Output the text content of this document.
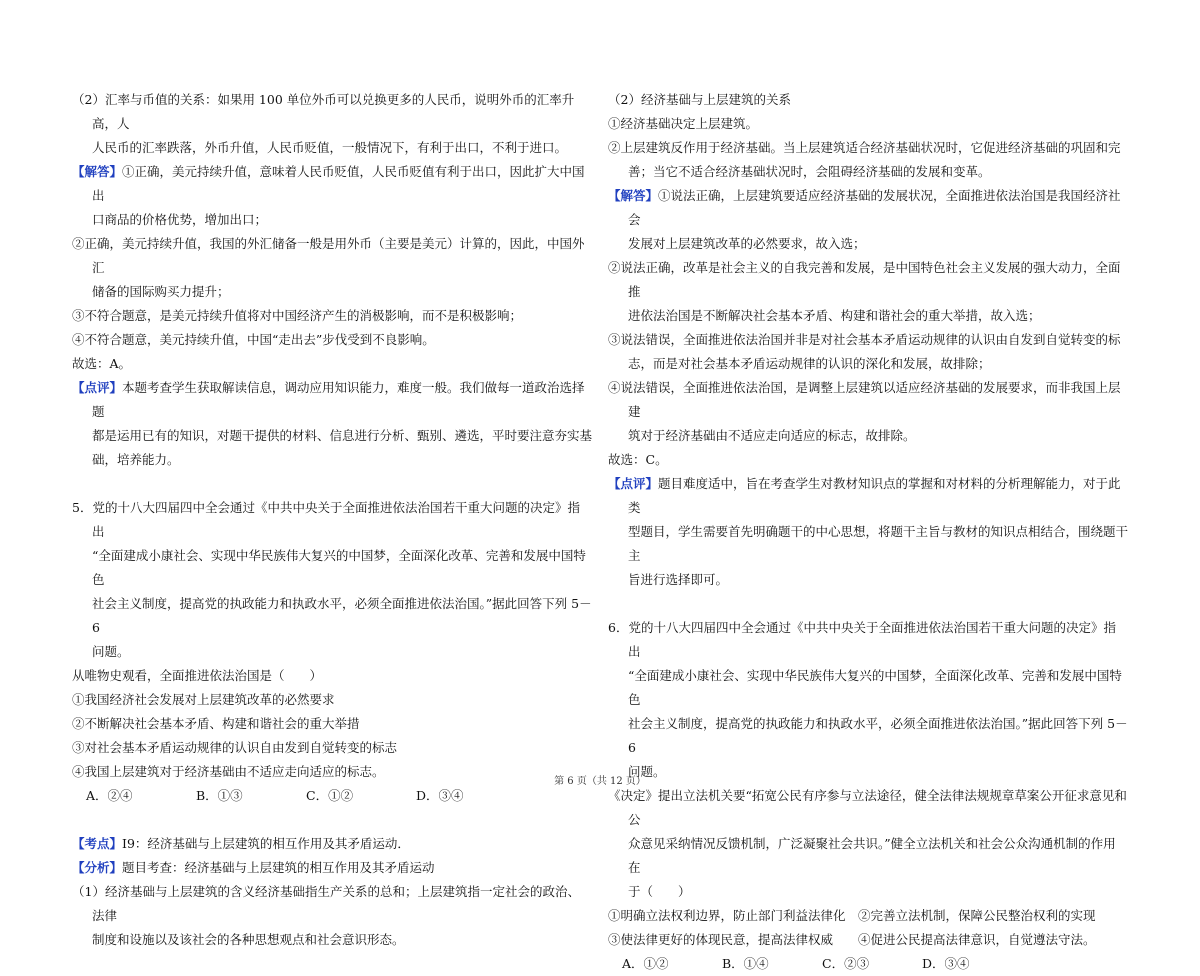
（2）汇率与币值的关系：如果用 100 单位外币可以兑换更多的人民币，说明外币的汇率升高，人
人民币的汇率跌落，外币升值，人民币贬值，一般情况下，有利于出口，不利于进口。

【解答】①正确，美元持续升值，意味着人民币贬值，人民币贬值有利于出口，因此扩大中国出
口商品的价格优势，增加出口；

②正确，美元持续升值，我国的外汇储备一般是用外币（主要是美元）计算的，因此，中国外汇
储备的国际购买力提升；

③不符合题意，是美元持续升值将对中国经济产生的消极影响，而不是积极影响；

④不符合题意，美元持续升值，中国“走出去”步伐受到不良影响。

故选：A。

【点评】本题考查学生获取解读信息，调动应用知识能力，难度一般。我们做每一道政治选择题
都是运用已有的知识，对题干提供的材料、信息进行分析、甄别、遴选，平时要注意夯实基
础，培养能力。

5．党的十八大四届四中全会通过《中共中央关于全面推进依法治国若干重大问题的决定》指出
“全面建成小康社会、实现中华民族伟大复兴的中国梦，全面深化改革、完善和发展中国特色
社会主义制度，提高党的执政能力和执政水平，必须全面推进依法治国。”据此回答下列 5－6
问题。

从唯物史观看，全面推进依法治国是（　　）

①我国经济社会发展对上层建筑改革的必然要求

②不断解决社会基本矛盾、构建和谐社会的重大举措

③对社会基本矛盾运动规律的认识自由发到自觉转变的标志

④我国上层建筑对于经济基础由不适应走向适应的标志。

A．②④	B．①③	C．①②	D．③④

【考点】I9：经济基础与上层建筑的相互作用及其矛盾运动．

【分析】题目考查：经济基础与上层建筑的相互作用及其矛盾运动

（1）经济基础与上层建筑的含义经济基础指生产关系的总和；上层建筑指一定社会的政治、法律
制度和设施以及该社会的各种思想观点和社会意识形态。

（2）经济基础与上层建筑的关系

①经济基础决定上层建筑。

②上层建筑反作用于经济基础。当上层建筑适合经济基础状况时，它促进经济基础的巩固和完
善；当它不适合经济基础状况时，会阻碍经济基础的发展和变革。

【解答】①说法正确，上层建筑要适应经济基础的发展状况，全面推进依法治国是我国经济社会
发展对上层建筑改革的必然要求，故入选；

②说法正确，改革是社会主义的自我完善和发展，是中国特色社会主义发展的强大动力，全面推
进依法治国是不断解决社会基本矛盾、构建和谐社会的重大举措，故入选；

③说法错误，全面推进依法治国并非是对社会基本矛盾运动规律的认识由自发到自觉转变的标
志，而是对社会基本矛盾运动规律的认识的深化和发展，故排除；

④说法错误，全面推进依法治国，是调整上层建筑以适应经济基础的发展要求，而非我国上层建
筑对于经济基础由不适应走向适应的标志，故排除。

故选：C。

【点评】题目难度适中，旨在考查学生对教材知识点的掌握和对材料的分析理解能力，对于此类
型题目，学生需要首先明确题干的中心思想，将题干主旨与教材的知识点相结合，围绕题干主
旨进行选择即可。

6．党的十八大四届四中全会通过《中共中央关于全面推进依法治国若干重大问题的决定》指出
“全面建成小康社会、实现中华民族伟大复兴的中国梦，全面深化改革、完善和发展中国特色
社会主义制度，提高党的执政能力和执政水平，必须全面推进依法治国。”据此回答下列 5－6
问题。

《决定》提出立法机关要“拓宽公民有序参与立法途径，健全法律法规规章草案公开征求意见和公
众意见采纳情况反馈机制，广泛凝聚社会共识。”健全立法机关和社会公众沟通机制的作用在
于（　　）

①明确立法权利边界，防止部门利益法律化　②完善立法机制，保障公民整治权利的实现

③使法律更好的体现民意，提高法律权威　　④促进公民提高法律意识，自觉遵法守法。

A．①②	B．①④	C．②③	D．③④
第 6 页（共 12 页）
